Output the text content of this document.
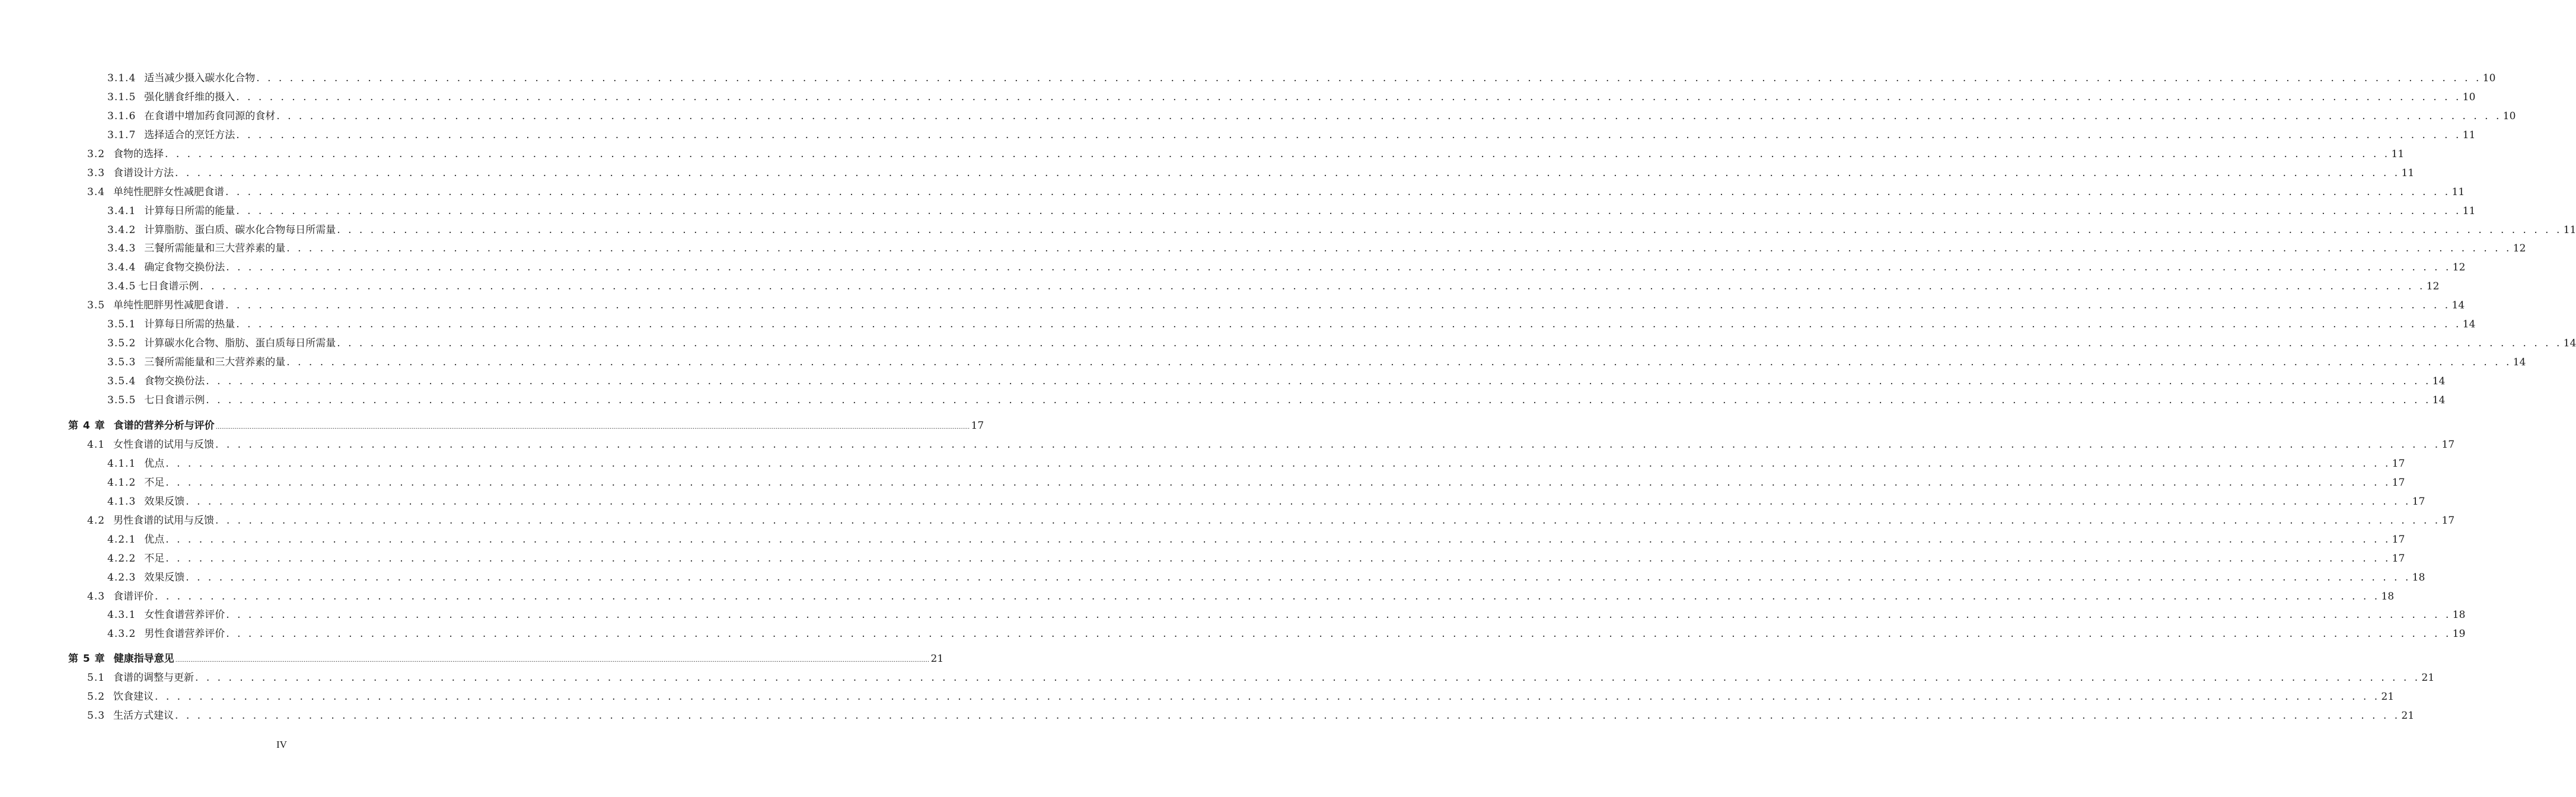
3.1.4 适当减少摄入碳水化合物 . . . . . . . . . . . . . . . . . . . . . . . . . . . . . . . . . . . . . . . . . . . . . . . . . . . . . . . . . . . . . . . . . . . . . . . . . . . . . . . . . . . . . . . . . . . . . . . . . . . . . . . . . . . . . . . . . . . . . . . . . . . . . . . . . . . . . . . . . . . . . . . . . . . . . . . . . . . . . . . . . . . . . . . . . . . . . . . . . . . . . . . . . . . . . . . . . . . . . . . . 10
3.1.5 强化膳食纤维的摄入 . . . . . . . . . . . . . . . . . . . . . . . . . . . . . . . . . . . . . . . . . . . . . . . . . . . . . . . . . . . . . . . . . . . . . . . . . . . . . . . . . . . . . . . . . . . . . . . . . . . . . . . . . . . . . . . . . . . . . . . . . . . . . . . . . . . . . . . . . . . . . . . . . . . . . . . . . . . . . . . . . . . . . . . . . . . . . . . . . . . . . . . . . . . . . . . . . . . . . . . . 10
3.1.6 在食谱中增加药食同源的食材 . . . . . . . . . . . . . . . . . . . . . . . . . . . . . . . . . . . . . . . . . . . . . . . . . . . . . . . . . . . . . . . . . . . . . . . . . . . . . . . . . . . . . . . . . . . . . . . . . . . . . . . . . . . . . . . . . . . . . . . . . . . . . . . . . . . . . . . . . . . . . . . . . . . . . . . . . . . . . . . . . . . . . . . . . . . . . . . . . . . . . . . . . . . . . . . . . . . . . . . . 10
3.1.7 选择适合的烹饪方法 . . . . . . . . . . . . . . . . . . . . . . . . . . . . . . . . . . . . . . . . . . . . . . . . . . . . . . . . . . . . . . . . . . . . . . . . . . . . . . . . . . . . . . . . . . . . . . . . . . . . . . . . . . . . . . . . . . . . . . . . . . . . . . . . . . . . . . . . . . . . . . . . . . . . . . . . . . . . . . . . . . . . . . . . . . . . . . . . . . . . . . . . . . . . . . . . . . . . . . . . 11
3.2 食物的选择 . . . . . . . . . . . . . . . . . . . . . . . . . . . . . . . . . . . . . . . . . . . . . . . . . . . . . . . . . . . . . . . . . . . . . . . . . . . . . . . . . . . . . . . . . . . . . . . . . . . . . . . . . . . . . . . . . . . . . . . . . . . . . . . . . . . . . . . . . . . . . . . . . . . . . . . . . . . . . . . . . . . . . . . . . . . . . . . . . . . . . . . . . . . . . . . . . . . . . . . . 11
3.3 食谱设计方法 . . . . . . . . . . . . . . . . . . . . . . . . . . . . . . . . . . . . . . . . . . . . . . . . . . . . . . . . . . . . . . . . . . . . . . . . . . . . . . . . . . . . . . . . . . . . . . . . . . . . . . . . . . . . . . . . . . . . . . . . . . . . . . . . . . . . . . . . . . . . . . . . . . . . . . . . . . . . . . . . . . . . . . . . . . . . . . . . . . . . . . . . . . . . . . . . . . . . . . . . 11
3.4 单纯性肥胖女性减肥食谱 . . . . . . . . . . . . . . . . . . . . . . . . . . . . . . . . . . . . . . . . . . . . . . . . . . . . . . . . . . . . . . . . . . . . . . . . . . . . . . . . . . . . . . . . . . . . . . . . . . . . . . . . . . . . . . . . . . . . . . . . . . . . . . . . . . . . . . . . . . . . . . . . . . . . . . . . . . . . . . . . . . . . . . . . . . . . . . . . . . . . . . . . . . . . . . . . . . . . . . . . 11
3.4.1 计算每日所需的能量 . . . . . . . . . . . . . . . . . . . . . . . . . . . . . . . . . . . . . . . . . . . . . . . . . . . . . . . . . . . . . . . . . . . . . . . . . . . . . . . . . . . . . . . . . . . . . . . . . . . . . . . . . . . . . . . . . . . . . . . . . . . . . . . . . . . . . . . . . . . . . . . . . . . . . . . . . . . . . . . . . . . . . . . . . . . . . . . . . . . . . . . . . . . . . . . . . . . . . . . . 11
3.4.2 计算脂肪、蛋白质、碳水化合物每日所需量 . . . . . . . . . . . . . . . . . . . . . . . . . . . . . . . . . . . . . . . . . . . . . . . . . . . . . . . . . . . . . . . . . . . . . . . . . . . . . . . . . . . . . . . . . . . . . . . . . . . . . . . . . . . . . . . . . . . . . . . . . . . . . . . . . . . . . . . . . . . . . . . . . . . . . . . . . . . . . . . . . . . . . . . . . . . . . . . . . . . . . . . . . . . . . . . . . . . . . . . . 11
3.4.3 三餐所需能量和三大营养素的量 . . . . . . . . . . . . . . . . . . . . . . . . . . . . . . . . . . . . . . . . . . . . . . . . . . . . . . . . . . . . . . . . . . . . . . . . . . . . . . . . . . . . . . . . . . . . . . . . . . . . . . . . . . . . . . . . . . . . . . . . . . . . . . . . . . . . . . . . . . . . . . . . . . . . . . . . . . . . . . . . . . . . . . . . . . . . . . . . . . . . . . . . . . . . . . . . . . . . . . . . 12
3.4.4 确定食物交换份法 . . . . . . . . . . . . . . . . . . . . . . . . . . . . . . . . . . . . . . . . . . . . . . . . . . . . . . . . . . . . . . . . . . . . . . . . . . . . . . . . . . . . . . . . . . . . . . . . . . . . . . . . . . . . . . . . . . . . . . . . . . . . . . . . . . . . . . . . . . . . . . . . . . . . . . . . . . . . . . . . . . . . . . . . . . . . . . . . . . . . . . . . . . . . . . . . . . . . . . . . 12
3.4.5 七日食谱示例 . . . . . . . . . . . . . . . . . . . . . . . . . . . . . . . . . . . . . . . . . . . . . . . . . . . . . . . . . . . . . . . . . . . . . . . . . . . . . . . . . . . . . . . . . . . . . . . . . . . . . . . . . . . . . . . . . . . . . . . . . . . . . . . . . . . . . . . . . . . . . . . . . . . . . . . . . . . . . . . . . . . . . . . . . . . . . . . . . . . . . . . . . . . . . . . . . . . . . . . . 12
3.5 单纯性肥胖男性减肥食谱 . . . . . . . . . . . . . . . . . . . . . . . . . . . . . . . . . . . . . . . . . . . . . . . . . . . . . . . . . . . . . . . . . . . . . . . . . . . . . . . . . . . . . . . . . . . . . . . . . . . . . . . . . . . . . . . . . . . . . . . . . . . . . . . . . . . . . . . . . . . . . . . . . . . . . . . . . . . . . . . . . . . . . . . . . . . . . . . . . . . . . . . . . . . . . . . . . . . . . . . . 14
3.5.1 计算每日所需的热量 . . . . . . . . . . . . . . . . . . . . . . . . . . . . . . . . . . . . . . . . . . . . . . . . . . . . . . . . . . . . . . . . . . . . . . . . . . . . . . . . . . . . . . . . . . . . . . . . . . . . . . . . . . . . . . . . . . . . . . . . . . . . . . . . . . . . . . . . . . . . . . . . . . . . . . . . . . . . . . . . . . . . . . . . . . . . . . . . . . . . . . . . . . . . . . . . . . . . . . . . 14
3.5.2 计算碳水化合物、脂肪、蛋白质每日所需量 . . . . . . . . . . . . . . . . . . . . . . . . . . . . . . . . . . . . . . . . . . . . . . . . . . . . . . . . . . . . . . . . . . . . . . . . . . . . . . . . . . . . . . . . . . . . . . . . . . . . . . . . . . . . . . . . . . . . . . . . . . . . . . . . . . . . . . . . . . . . . . . . . . . . . . . . . . . . . . . . . . . . . . . . . . . . . . . . . . . . . . . . . . . . . . . . . . . . . . . . 14
3.5.3 三餐所需能量和三大营养素的量 . . . . . . . . . . . . . . . . . . . . . . . . . . . . . . . . . . . . . . . . . . . . . . . . . . . . . . . . . . . . . . . . . . . . . . . . . . . . . . . . . . . . . . . . . . . . . . . . . . . . . . . . . . . . . . . . . . . . . . . . . . . . . . . . . . . . . . . . . . . . . . . . . . . . . . . . . . . . . . . . . . . . . . . . . . . . . . . . . . . . . . . . . . . . . . . . . . . . . . . . 14
3.5.4 食物交换份法 . . . . . . . . . . . . . . . . . . . . . . . . . . . . . . . . . . . . . . . . . . . . . . . . . . . . . . . . . . . . . . . . . . . . . . . . . . . . . . . . . . . . . . . . . . . . . . . . . . . . . . . . . . . . . . . . . . . . . . . . . . . . . . . . . . . . . . . . . . . . . . . . . . . . . . . . . . . . . . . . . . . . . . . . . . . . . . . . . . . . . . . . . . . . . . . . . . . . . . . . 14
3.5.5 七日食谱示例 . . . . . . . . . . . . . . . . . . . . . . . . . . . . . . . . . . . . . . . . . . . . . . . . . . . . . . . . . . . . . . . . . . . . . . . . . . . . . . . . . . . . . . . . . . . . . . . . . . . . . . . . . . . . . . . . . . . . . . . . . . . . . . . . . . . . . . . . . . . . . . . . . . . . . . . . . . . . . . . . . . . . . . . . . . . . . . . . . . . . . . . . . . . . . . . . . . . . . . . . 14
第 4 章 食谱的营养分析与评价 ................................................................................................................................................................................................................................................................................................................................................................................................................ 17
4.1 女性食谱的试用与反馈 . . . . . . . . . . . . . . . . . . . . . . . . . . . . . . . . . . . . . . . . . . . . . . . . . . . . . . . . . . . . . . . . . . . . . . . . . . . . . . . . . . . . . . . . . . . . . . . . . . . . . . . . . . . . . . . . . . . . . . . . . . . . . . . . . . . . . . . . . . . . . . . . . . . . . . . . . . . . . . . . . . . . . . . . . . . . . . . . . . . . . . . . . . . . . . . . . . . . . . . . 17
4.1.1 优点 . . . . . . . . . . . . . . . . . . . . . . . . . . . . . . . . . . . . . . . . . . . . . . . . . . . . . . . . . . . . . . . . . . . . . . . . . . . . . . . . . . . . . . . . . . . . . . . . . . . . . . . . . . . . . . . . . . . . . . . . . . . . . . . . . . . . . . . . . . . . . . . . . . . . . . . . . . . . . . . . . . . . . . . . . . . . . . . . . . . . . . . . . . . . . . . . . . . . . . . . 17
4.1.2 不足 . . . . . . . . . . . . . . . . . . . . . . . . . . . . . . . . . . . . . . . . . . . . . . . . . . . . . . . . . . . . . . . . . . . . . . . . . . . . . . . . . . . . . . . . . . . . . . . . . . . . . . . . . . . . . . . . . . . . . . . . . . . . . . . . . . . . . . . . . . . . . . . . . . . . . . . . . . . . . . . . . . . . . . . . . . . . . . . . . . . . . . . . . . . . . . . . . . . . . . . . 17
4.1.3 效果反馈 . . . . . . . . . . . . . . . . . . . . . . . . . . . . . . . . . . . . . . . . . . . . . . . . . . . . . . . . . . . . . . . . . . . . . . . . . . . . . . . . . . . . . . . . . . . . . . . . . . . . . . . . . . . . . . . . . . . . . . . . . . . . . . . . . . . . . . . . . . . . . . . . . . . . . . . . . . . . . . . . . . . . . . . . . . . . . . . . . . . . . . . . . . . . . . . . . . . . . . . . 17
4.2 男性食谱的试用与反馈 . . . . . . . . . . . . . . . . . . . . . . . . . . . . . . . . . . . . . . . . . . . . . . . . . . . . . . . . . . . . . . . . . . . . . . . . . . . . . . . . . . . . . . . . . . . . . . . . . . . . . . . . . . . . . . . . . . . . . . . . . . . . . . . . . . . . . . . . . . . . . . . . . . . . . . . . . . . . . . . . . . . . . . . . . . . . . . . . . . . . . . . . . . . . . . . . . . . . . . . . 17
4.2.1 优点 . . . . . . . . . . . . . . . . . . . . . . . . . . . . . . . . . . . . . . . . . . . . . . . . . . . . . . . . . . . . . . . . . . . . . . . . . . . . . . . . . . . . . . . . . . . . . . . . . . . . . . . . . . . . . . . . . . . . . . . . . . . . . . . . . . . . . . . . . . . . . . . . . . . . . . . . . . . . . . . . . . . . . . . . . . . . . . . . . . . . . . . . . . . . . . . . . . . . . . . . 17
4.2.2 不足 . . . . . . . . . . . . . . . . . . . . . . . . . . . . . . . . . . . . . . . . . . . . . . . . . . . . . . . . . . . . . . . . . . . . . . . . . . . . . . . . . . . . . . . . . . . . . . . . . . . . . . . . . . . . . . . . . . . . . . . . . . . . . . . . . . . . . . . . . . . . . . . . . . . . . . . . . . . . . . . . . . . . . . . . . . . . . . . . . . . . . . . . . . . . . . . . . . . . . . . . 17
4.2.3 效果反馈 . . . . . . . . . . . . . . . . . . . . . . . . . . . . . . . . . . . . . . . . . . . . . . . . . . . . . . . . . . . . . . . . . . . . . . . . . . . . . . . . . . . . . . . . . . . . . . . . . . . . . . . . . . . . . . . . . . . . . . . . . . . . . . . . . . . . . . . . . . . . . . . . . . . . . . . . . . . . . . . . . . . . . . . . . . . . . . . . . . . . . . . . . . . . . . . . . . . . . . . . 18
4.3 食谱评价 . . . . . . . . . . . . . . . . . . . . . . . . . . . . . . . . . . . . . . . . . . . . . . . . . . . . . . . . . . . . . . . . . . . . . . . . . . . . . . . . . . . . . . . . . . . . . . . . . . . . . . . . . . . . . . . . . . . . . . . . . . . . . . . . . . . . . . . . . . . . . . . . . . . . . . . . . . . . . . . . . . . . . . . . . . . . . . . . . . . . . . . . . . . . . . . . . . . . . . . . 18
4.3.1 女性食谱营养评价 . . . . . . . . . . . . . . . . . . . . . . . . . . . . . . . . . . . . . . . . . . . . . . . . . . . . . . . . . . . . . . . . . . . . . . . . . . . . . . . . . . . . . . . . . . . . . . . . . . . . . . . . . . . . . . . . . . . . . . . . . . . . . . . . . . . . . . . . . . . . . . . . . . . . . . . . . . . . . . . . . . . . . . . . . . . . . . . . . . . . . . . . . . . . . . . . . . . . . . . . 18
4.3.2 男性食谱营养评价 . . . . . . . . . . . . . . . . . . . . . . . . . . . . . . . . . . . . . . . . . . . . . . . . . . . . . . . . . . . . . . . . . . . . . . . . . . . . . . . . . . . . . . . . . . . . . . . . . . . . . . . . . . . . . . . . . . . . . . . . . . . . . . . . . . . . . . . . . . . . . . . . . . . . . . . . . . . . . . . . . . . . . . . . . . . . . . . . . . . . . . . . . . . . . . . . . . . . . . . . 19
第 5 章 健康指导意见 ................................................................................................................................................................................................................................................................................................................................................................................................................ 21
5.1 食谱的调整与更新 . . . . . . . . . . . . . . . . . . . . . . . . . . . . . . . . . . . . . . . . . . . . . . . . . . . . . . . . . . . . . . . . . . . . . . . . . . . . . . . . . . . . . . . . . . . . . . . . . . . . . . . . . . . . . . . . . . . . . . . . . . . . . . . . . . . . . . . . . . . . . . . . . . . . . . . . . . . . . . . . . . . . . . . . . . . . . . . . . . . . . . . . . . . . . . . . . . . . . . . . 21
5.2 饮食建议 . . . . . . . . . . . . . . . . . . . . . . . . . . . . . . . . . . . . . . . . . . . . . . . . . . . . . . . . . . . . . . . . . . . . . . . . . . . . . . . . . . . . . . . . . . . . . . . . . . . . . . . . . . . . . . . . . . . . . . . . . . . . . . . . . . . . . . . . . . . . . . . . . . . . . . . . . . . . . . . . . . . . . . . . . . . . . . . . . . . . . . . . . . . . . . . . . . . . . . . . 21
5.3 生活方式建议 . . . . . . . . . . . . . . . . . . . . . . . . . . . . . . . . . . . . . . . . . . . . . . . . . . . . . . . . . . . . . . . . . . . . . . . . . . . . . . . . . . . . . . . . . . . . . . . . . . . . . . . . . . . . . . . . . . . . . . . . . . . . . . . . . . . . . . . . . . . . . . . . . . . . . . . . . . . . . . . . . . . . . . . . . . . . . . . . . . . . . . . . . . . . . . . . . . . . . . . . 21
IV
